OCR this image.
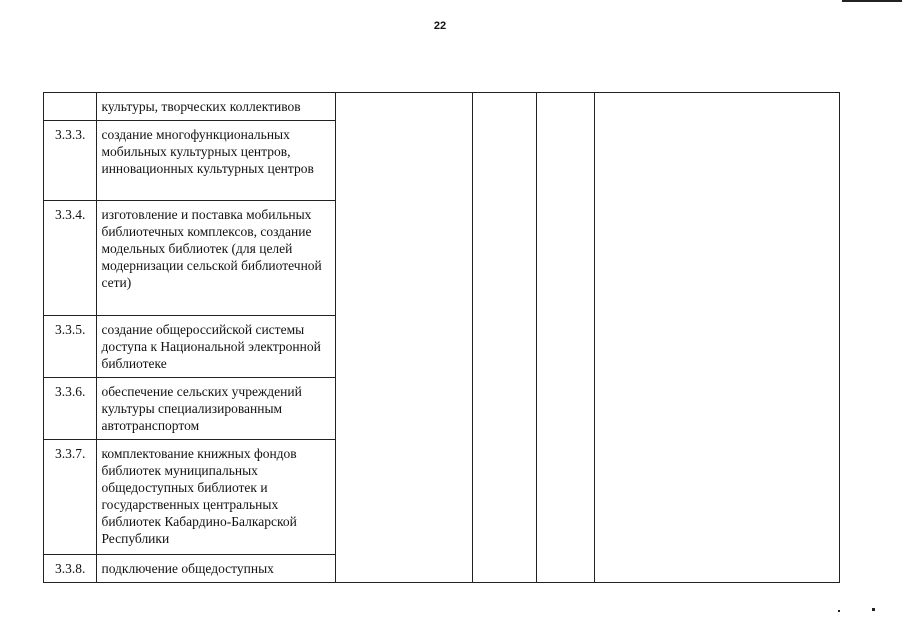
22
	культуры, творческих коллективов				
3.3.3.	создание многофункциональных мобильных культурных центров, инновационных культурных центров				
3.3.4.	изготовление и поставка мобильных библиотечных комплексов, создание модельных библиотек (для целей модернизации сельской библиотечной сети)				
3.3.5.	создание общероссийской системы доступа к Национальной электронной библиотеке				
3.3.6.	обеспечение сельских учреждений культуры специализированным автотранспортом				
3.3.7.	комплектование книжных фондов библиотек муниципальных общедоступных библиотек и государственных центральных библиотек Кабардино-Балкарской Республики				
3.3.8.	подключение общедоступных				
